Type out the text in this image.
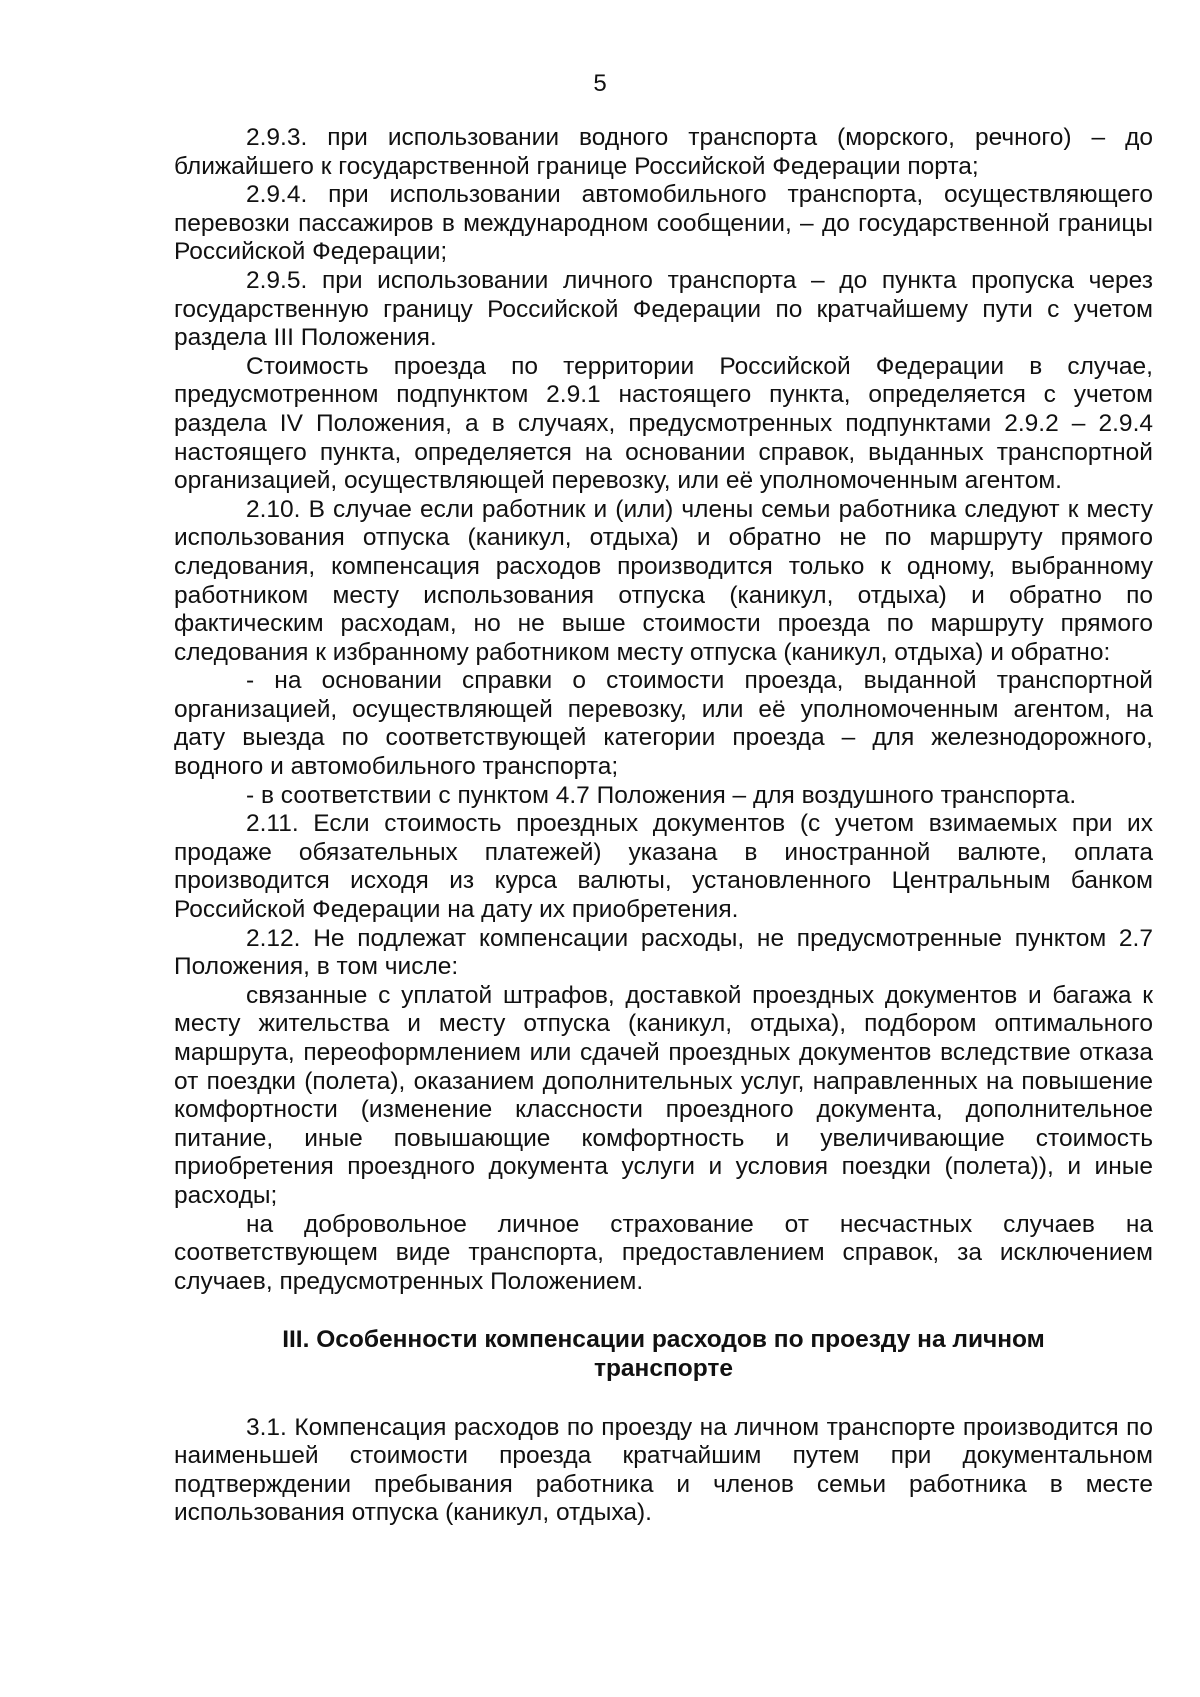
5

2.9.3. при использовании водного транспорта (морского, речного) – до ближайшего к государственной границе Российской Федерации порта;

2.9.4. при использовании автомобильного транспорта, осуществляющего перевозки пассажиров в международном сообщении, – до государственной границы Российской Федерации;

2.9.5. при использовании личного транспорта – до пункта пропуска через государственную границу Российской Федерации по кратчайшему пути с учетом раздела III Положения.

Стоимость проезда по территории Российской Федерации в случае, предусмотренном подпунктом 2.9.1 настоящего пункта, определяется с учетом раздела IV Положения, а в случаях, предусмотренных подпунктами 2.9.2 – 2.9.4 настоящего пункта, определяется на основании справок, выданных транспортной организацией, осуществляющей перевозку, или её уполномоченным агентом.

2.10. В случае если работник и (или) члены семьи работника следуют к месту использования отпуска (каникул, отдыха) и обратно не по маршруту прямого следования, компенсация расходов производится только к одному, выбранному работником месту использования отпуска (каникул, отдыха) и обратно по фактическим расходам, но не выше стоимости проезда по маршруту прямого следования к избранному работником месту отпуска (каникул, отдыха) и обратно:

- на основании справки о стоимости проезда, выданной транспортной организацией, осуществляющей перевозку, или её уполномоченным агентом, на дату выезда по соответствующей категории проезда – для железнодорожного, водного и автомобильного транспорта;

- в соответствии с пунктом 4.7 Положения – для воздушного транспорта.

2.11. Если стоимость проездных документов (с учетом взимаемых при их продаже обязательных платежей) указана в иностранной валюте, оплата производится исходя из курса валюты, установленного Центральным банком Российской Федерации на дату их приобретения.

2.12. Не подлежат компенсации расходы, не предусмотренные пунктом 2.7 Положения, в том числе:

связанные с уплатой штрафов, доставкой проездных документов и багажа к месту жительства и месту отпуска (каникул, отдыха), подбором оптимального маршрута, переоформлением или сдачей проездных документов вследствие отказа от поездки (полета), оказанием дополнительных услуг, направленных на повышение комфортности (изменение классности проездного документа, дополнительное питание, иные повышающие комфортность и увеличивающие стоимость приобретения проездного документа услуги и условия поездки (полета)), и иные расходы;

на добровольное личное страхование от несчастных случаев на соответствующем виде транспорта, предоставлением справок, за исключением случаев, предусмотренных Положением.

III. Особенности компенсации расходов по проезду на личном транспорте

3.1. Компенсация расходов по проезду на личном транспорте производится по наименьшей стоимости проезда кратчайшим путем при документальном подтверждении пребывания работника и членов семьи работника в месте использования отпуска (каникул, отдыха).
